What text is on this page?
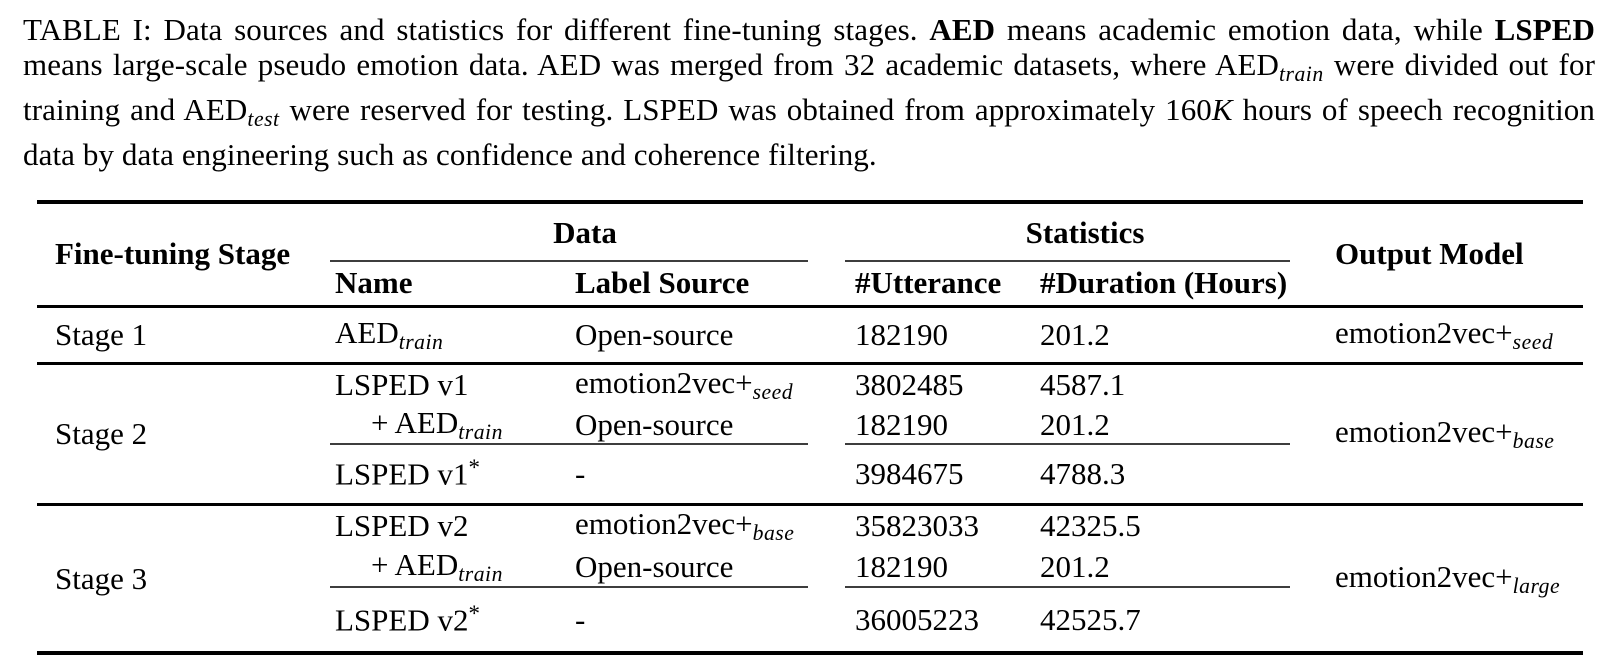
TABLE I: Data sources and statistics for different fine-tuning stages. AED means academic emotion data, while LSPED means large-scale pseudo emotion data. AED was merged from 32 academic datasets, where AEDtrain were divided out for training and AEDtest were reserved for testing. LSPED was obtained from approximately 160K hours of speech recognition data by data engineering such as confidence and coherence filtering.
Fine-tuning Stage	Data		Statistics		Output Model
	Name	Label Source	#Utterance	#Duration (Hours)	
Stage 1	AEDtrain	Open-source	182190	201.2	emotion2vec+seed
Stage 2	LSPED v1	emotion2vec+seed	3802485	4587.1	emotion2vec+base
	+ AEDtrain	Open-source	182190	201.2	
	LSPED v1*	-	3984675	4788.3	
Stage 3	LSPED v2	emotion2vec+base	35823033	42325.5	emotion2vec+large
	+ AEDtrain	Open-source	182190	201.2	
	LSPED v2*	-	36005223	42525.7	
